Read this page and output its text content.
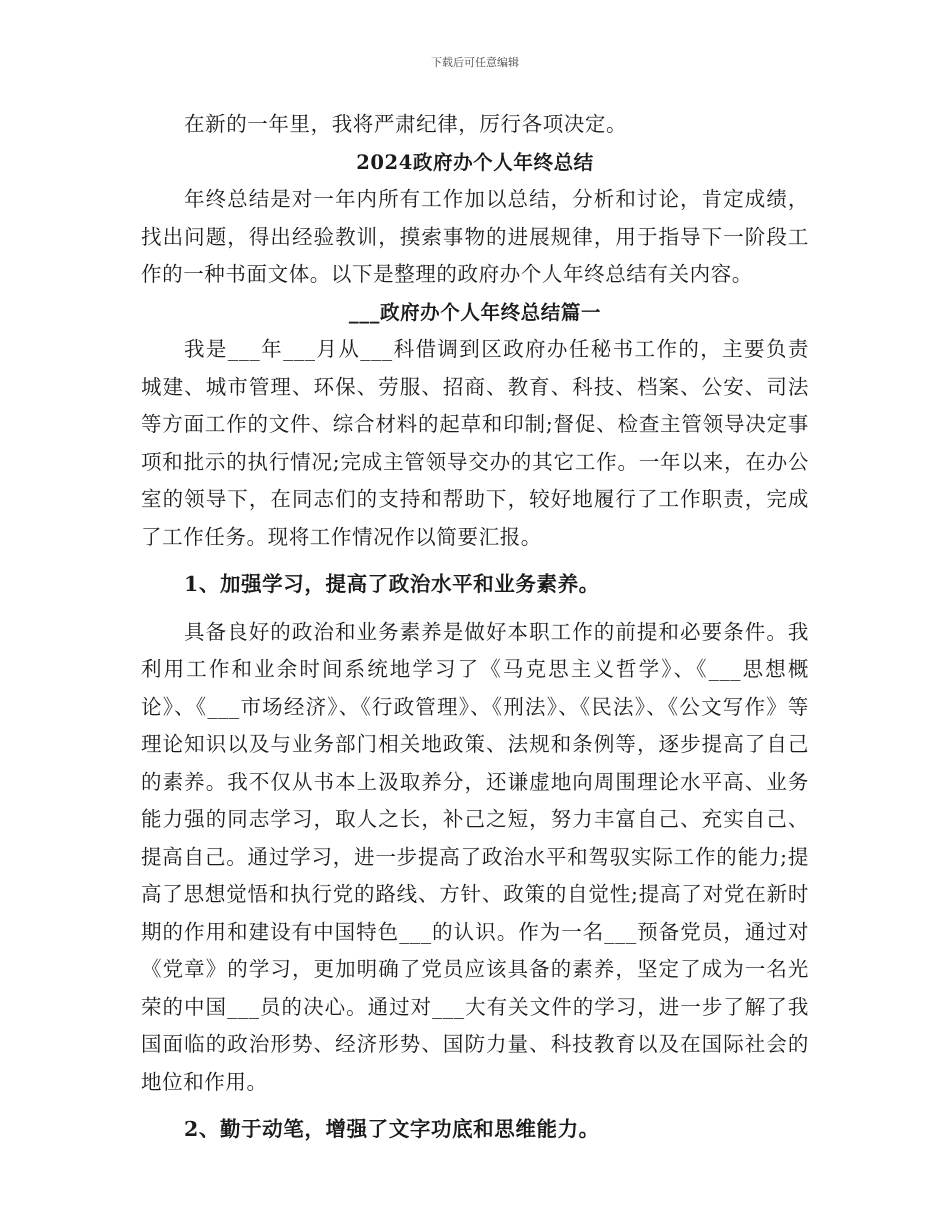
下载后可任意编辑

在新的一年里，我将严肃纪律，厉行各项决定。

2024政府办个人年终总结

年终总结是对一年内所有工作加以总结，分析和讨论，肯定成绩，找出问题，得出经验教训，摸索事物的进展规律，用于指导下一阶段工作的一种书面文体。以下是整理的政府办个人年终总结有关内容。

___政府办个人年终总结篇一

我是___年___月从___科借调到区政府办任秘书工作的，主要负责城建、城市管理、环保、劳服、招商、教育、科技、档案、公安、司法等方面工作的文件、综合材料的起草和印制;督促、检查主管领导决定事项和批示的执行情况;完成主管领导交办的其它工作。一年以来，在办公室的领导下，在同志们的支持和帮助下，较好地履行了工作职责，完成了工作任务。现将工作情况作以简要汇报。

1、加强学习，提高了政治水平和业务素养。

具备良好的政治和业务素养是做好本职工作的前提和必要条件。我利用工作和业余时间系统地学习了《马克思主义哲学》、《___思想概论》、《___市场经济》、《行政管理》、《刑法》、《民法》、《公文写作》等理论知识以及与业务部门相关地政策、法规和条例等，逐步提高了自己的素养。我不仅从书本上汲取养分，还谦虚地向周围理论水平高、业务能力强的同志学习，取人之长，补己之短，努力丰富自己、充实自己、提高自己。通过学习，进一步提高了政治水平和驾驭实际工作的能力;提高了思想觉悟和执行党的路线、方针、政策的自觉性;提高了对党在新时期的作用和建设有中国特色___的认识。作为一名___预备党员，通过对《党章》的学习，更加明确了党员应该具备的素养，坚定了成为一名光荣的中国___员的决心。通过对___大有关文件的学习，进一步了解了我国面临的政治形势、经济形势、国防力量、科技教育以及在国际社会的地位和作用。

2、勤于动笔，增强了文字功底和思维能力。
